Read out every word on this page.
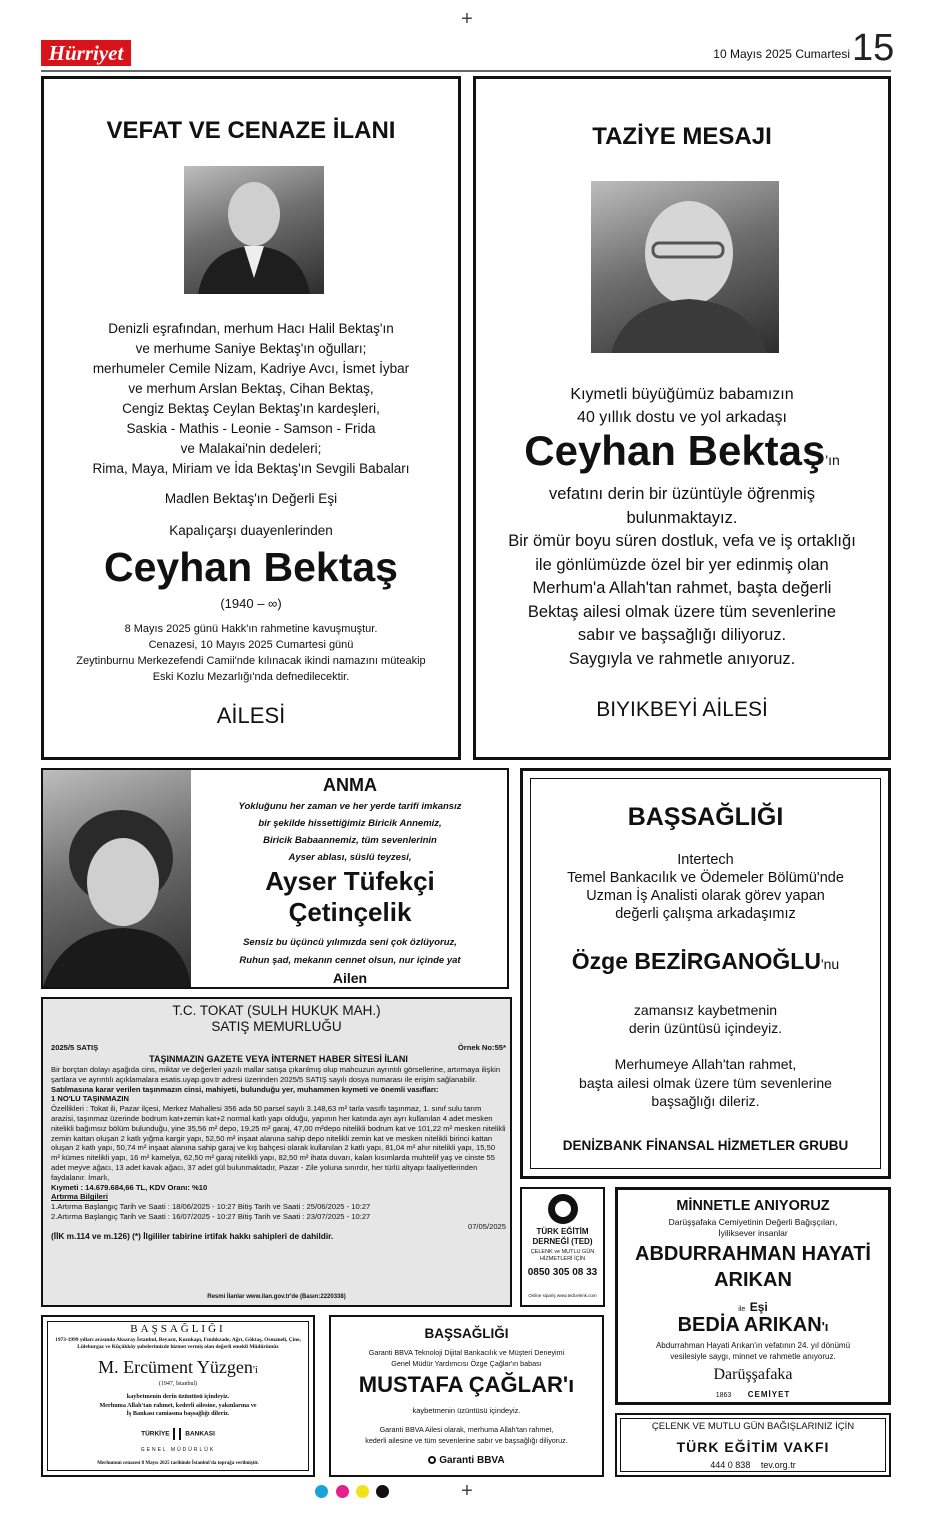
+
Hürriyet	10 Mayıs 2025 Cumartesi 15
VEFAT VE CENAZE İLANI
Denizli eşrafından, merhum Hacı Halil Bektaş'ın
ve merhume Saniye Bektaş'ın oğulları;
merhumeler Cemile Nizam, Kadriye Avcı, İsmet İybar
ve merhum Arslan Bektaş, Cihan Bektaş,
Cengiz Bektaş Ceylan Bektaş'ın kardeşleri,
Saskia - Mathis - Leonie - Samson - Frida
ve Malakai'nin dedeleri;
Rima, Maya, Miriam ve İda Bektaş'ın Sevgili Babaları
Madlen Bektaş'ın Değerli Eşi
Kapalıçarşı duayenlerinden
Ceyhan Bektaş
(1940 – ∞)
8 Mayıs 2025 günü Hakk'ın rahmetine kavuşmuştur.
Cenazesi, 10 Mayıs 2025 Cumartesi günü
Zeytinburnu Merkezefendi Camii'nde kılınacak ikindi namazını müteakip
Eski Kozlu Mezarlığı'nda defnedilecektir.
AİLESİ
TAZİYE MESAJI
Kıymetli büyüğümüz babamızın
40 yıllık dostu ve yol arkadaşı
Ceyhan Bektaş'ın
vefatını derin bir üzüntüyle öğrenmiş
bulunmaktayız.
Bir ömür boyu süren dostluk, vefa ve iş ortaklığı
ile gönlümüzde özel bir yer edinmiş olan
Merhum'a Allah'tan rahmet, başta değerli
Bektaş ailesi olmak üzere tüm sevenlerine
sabır ve başsağlığı diliyoruz.
Saygıyla ve rahmetle anıyoruz.
BIYIKBEYİ AİLESİ
ANMA
Yokluğunu her zaman ve her yerde tarifi imkansız
bir şekilde hissettiğimiz Biricik Annemiz,
Biricik Babaannemiz, tüm sevenlerinin
Ayser ablası, süslü teyzesi,
Ayser Tüfekçi
Çetinçelik
Sensiz bu üçüncü yılımızda seni çok özlüyoruz,
Ruhun şad, mekanın cennet olsun, nur içinde yat
Ailen
BAŞSAĞLIĞI
Intertech
Temel Bankacılık ve Ödemeler Bölümü'nde
Uzman İş Analisti olarak görev yapan
değerli çalışma arkadaşımız
Özge BEZİRGANOĞLU'nu
zamansız kaybetmenin
derin üzüntüsü içindeyiz.
Merhumeye Allah'tan rahmet,
başta ailesi olmak üzere tüm sevenlerine
başsağlığı dileriz.
DENİZBANK FİNANSAL HİZMETLER GRUBU
T.C. TOKAT (SULH HUKUK MAH.)
SATIŞ MEMURLUĞU
2025/5 SATIŞ	Örnek No:55*
TAŞINMAZIN GAZETE VEYA İNTERNET HABER SİTESİ İLANI
Bir borçtan dolayı aşağıda cins, miktar ve değerleri yazılı mallar satışa çıkarılmış olup mahcuzun ayrıntılı görsellerine, artırmaya ilişkin şartlara ve ayrıntılı açıklamalara esatis.uyap.gov.tr adresi üzerinden 2025/5 SATIŞ sayılı dosya numarası ile erişim sağlanabilir.
Satılmasına karar verilen taşınmazın cinsi, mahiyeti, bulunduğu yer, muhammen kıymeti ve önemli vasıfları:
1 NO'LU TAŞINMAZIN
Özellikleri : Tokat ili, Pazar ilçesi, Merkez Mahallesi 356 ada 50 parsel sayılı 3.148,63 m² tarla vasıflı taşınmaz, 1. sınıf sulu tarım arazisi, taşınmaz üzerinde bodrum kat+zemin kat+2 normal katlı yapı olduğu, yapının her katında ayrı ayrı kullanılan 4 adet mesken nitelikli bağımsız bölüm bulunduğu, yine 35,56 m² depo, 19,25 m² garaj, 47,00 m²depo nitelikli bodrum kat ve 101,22 m² mesken nitelikli zemin kattan oluşan 2 katlı yığma kargir yapı, 52,50 m² inşaat alanına sahip depo nitelikli zemin kat ve mesken nitelikli birinci kattan oluşan 2 katlı yapı, 50,74 m² inşaat alanına sahip garaj ve kış bahçesi olarak kullanılan 2 katlı yapı, 81,04 m² ahır nitelikli yapı, 15,50 m² kümes nitelikli yapı, 16 m² kamelya, 62,50 m² garaj nitelikli yapı, 82,50 m² ihata duvarı, kalan kısımlarda muhtelif yaş ve cinste 55 adet meyve ağacı, 13 adet kavak ağacı, 37 adet gül bulunmaktadır, Pazar - Zile yoluna sınırdır, her türlü altyapı faaliyetlerinden faydalanır. İmarlı,
Kıymeti : 14.679.684,66 TL, KDV Oranı: %10
Artırma Bilgileri
1.Artırma Başlangıç Tarih ve Saati : 18/06/2025 - 10:27 Bitiş Tarih ve Saati : 25/06/2025 - 10:27
2.Artırma Başlangıç Tarih ve Saati : 16/07/2025 - 10:27 Bitiş Tarih ve Saati : 23/07/2025 - 10:27
07/05/2025
(İİK m.114 ve m.126) (*) İlgililer tabirine irtifak hakkı sahipleri de dahildir.
Resmi İlanlar www.ilan.gov.tr'de (Basın:2220338)
TÜRK EĞİTİM
DERNEĞİ (TED)
ÇELENK ve MUTLU GÜN
HİZMETLERİ İÇİN
0850 305 08 33
Online sipariş www.tedcelenk.com
MİNNETLE ANIYORUZ
Darüşşafaka Cemiyetinin Değerli Bağışçıları,
İyiliksever insanlar
ABDURRAHMAN HAYATİ
ARIKAN
ile Eşi
BEDİA ARIKAN'ı
Abdurrahman Hayati Arıkan'ın vefatının 24. yıl dönümü
vesilesiyle saygı, minnet ve rahmetle anıyoruz.
Darüşşafaka
1863 CEMİYET
BAŞSAĞLIĞI
1973-1999 yılları arasında Aksaray İstanbul, Beyazıt, Kozukapı, Fındıkzade, Ağrı, Göktaş, Osmaneli, Çine, Lüleburgaz ve Küçükköy şubelerimizde hizmet vermiş olan değerli emekli Müdürümüz
M. Ercüment Yüzgen'i
(1947, İstanbul)
kaybetmenin derin üzüntüsü içindeyiz.
Merhuma Allah'tan rahmet, kederli ailesine, yakınlarına ve
İş Bankası camiasına başsağlığı dileriz.
TÜRKİYE BANKASI
GENEL MÜDÜRLÜK
Merhumun cenazesi 8 Mayıs 2025 tarihinde İstanbul'da toprağa verilmiştir.
BAŞSAĞLIĞI
Garanti BBVA Teknoloji Dijital Bankacılık ve Müşteri Deneyimi
Genel Müdür Yardımcısı Özge Çağlar'ın babası
MUSTAFA ÇAĞLAR'ı
kaybetmenin üzüntüsü içindeyiz.
Garanti BBVA Ailesi olarak, merhuma Allah'tan rahmet,
kederli ailesine ve tüm sevenlerine sabır ve başsağlığı diliyoruz.
Garanti BBVA
ÇELENK VE MUTLU GÜN BAĞIŞLARINIZ İÇİN
TÜRK EĞİTİM VAKFI
444 0 838 tev.org.tr
+
